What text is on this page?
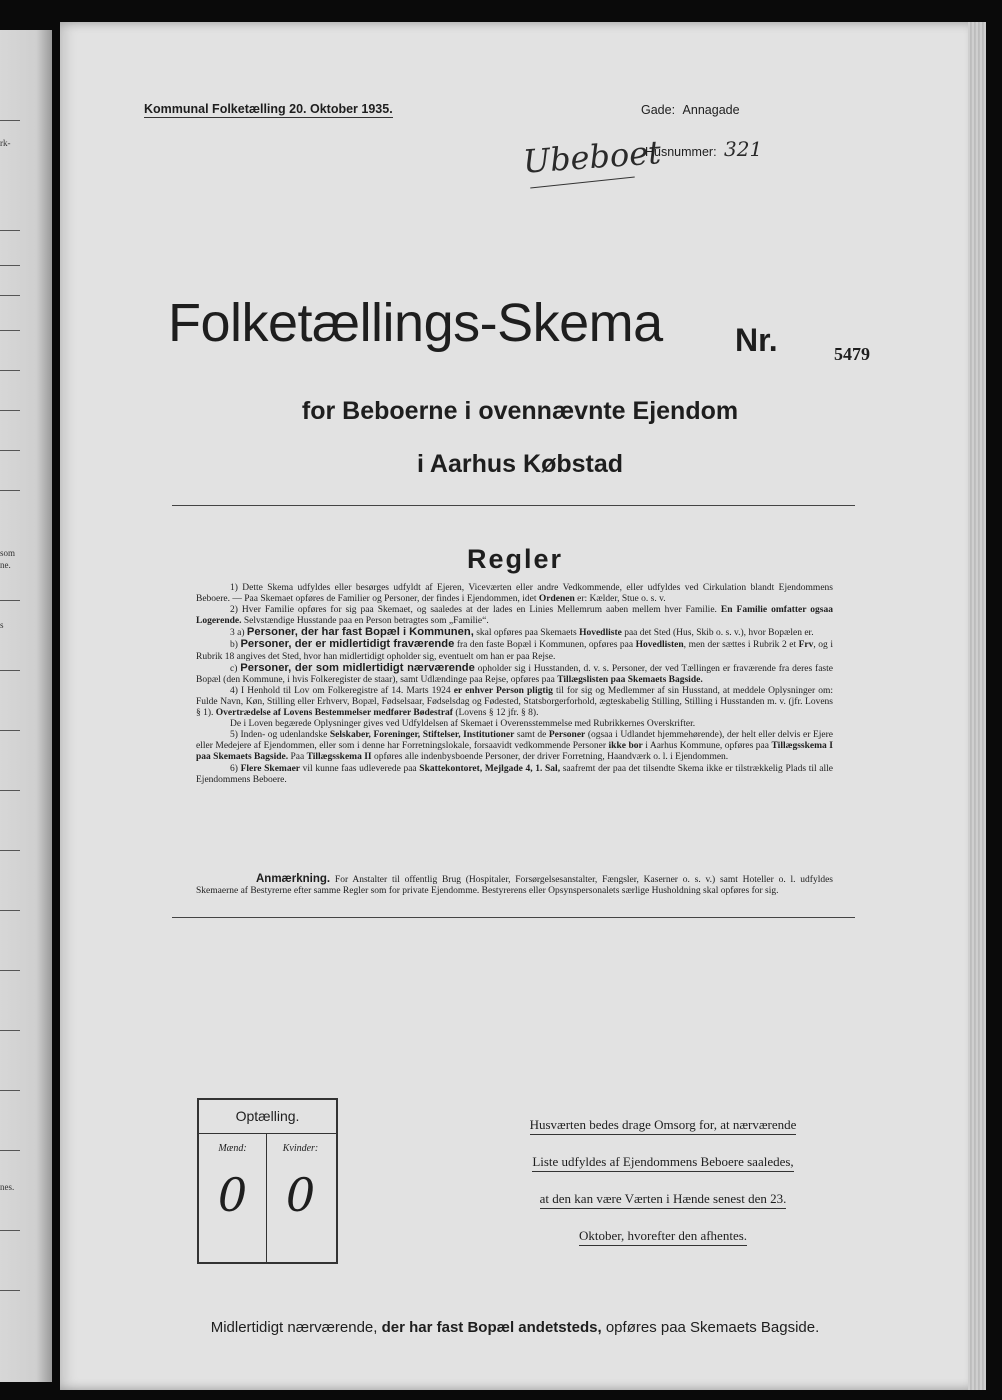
rk-
som
ne.
s
nes.
Kommunal Folketælling 20. Oktober 1935.	Gade: Annagade
Ubeboet
Husnummer: 321
Folketællings-Skema Nr.	5479
for Beboerne i ovennævnte Ejendom
i Aarhus Købstad
Regler

1) Dette Skema udfyldes eller besørges udfyldt af Ejeren, Viceværten eller andre Vedkommende, eller udfyldes ved Cirkulation blandt Ejendommens Beboere. — Paa Skemaet opføres de Familier og Personer, der findes i Ejendommen, idet Ordenen er: Kælder, Stue o. s. v.

2) Hver Familie opføres for sig paa Skemaet, og saaledes at der lades en Linies Mellemrum aaben mellem hver Familie. En Familie omfatter ogsaa Logerende. Selvstændige Husstande paa en Person betragtes som „Familie“.

3 a) Personer, der har fast Bopæl i Kommunen, skal opføres paa Skemaets Hovedliste paa det Sted (Hus, Skib o. s. v.), hvor Bopælen er.

b) Personer, der er midlertidigt fraværende fra den faste Bopæl i Kommunen, opføres paa Hovedlisten, men der sættes i Rubrik 2 et Frv, og i Rubrik 18 angives det Sted, hvor han midlertidigt opholder sig, eventuelt om han er paa Rejse.

c) Personer, der som midlertidigt nærværende opholder sig i Husstanden, d. v. s. Personer, der ved Tællingen er fraværende fra deres faste Bopæl (den Kommune, i hvis Folkeregister de staar), samt Udlændinge paa Rejse, opføres paa Tillægslisten paa Skemaets Bagside.

4) I Henhold til Lov om Folkeregistre af 14. Marts 1924 er enhver Person pligtig til for sig og Medlemmer af sin Husstand, at meddele Oplysninger om: Fulde Navn, Køn, Stilling eller Erhverv, Bopæl, Fødselsaar, Fødselsdag og Fødested, Statsborgerforhold, ægteskabelig Stilling, Stilling i Husstanden m. v. (jfr. Lovens § 1). Overtrædelse af Lovens Bestemmelser medfører Bødestraf (Lovens § 12 jfr. § 8).

De i Loven begærede Oplysninger gives ved Udfyldelsen af Skemaet i Overensstemmelse med Rubrikkernes Overskrifter.

5) Inden- og udenlandske Selskaber, Foreninger, Stiftelser, Institutioner samt de Personer (ogsaa i Udlandet hjemmehørende), der helt eller delvis er Ejere eller Medejere af Ejendommen, eller som i denne har Forretningslokale, forsaavidt vedkommende Personer ikke bor i Aarhus Kommune, opføres paa Tillægsskema I paa Skemaets Bagside. Paa Tillægsskema II opføres alle indenbysboende Personer, der driver Forretning, Haandværk o. l. i Ejendommen.

6) Flere Skemaer vil kunne faas udleverede paa Skattekontoret, Mejlgade 4, 1. Sal, saafremt der paa det tilsendte Skema ikke er tilstrækkelig Plads til alle Ejendommens Beboere.

Anmærkning. For Anstalter til offentlig Brug (Hospitaler, Forsørgelsesanstalter, Fængsler, Kaserner o. s. v.) samt Hoteller o. l. udfyldes Skemaerne af Bestyrerne efter samme Regler som for private Ejendomme. Bestyrerens eller Opsynspersonalets særlige Husholdning skal opføres for sig.

Optælling.
Mænd:	Kvinder:
0 0
Husværten bedes drage Omsorg for, at nærværende
Liste udfyldes af Ejendommens Beboere saaledes,
at den kan være Værten i Hænde senest den 23.
Oktober, hvorefter den afhentes.
Midlertidigt nærværende, der har fast Bopæl andetsteds, opføres paa Skemaets Bagside.
